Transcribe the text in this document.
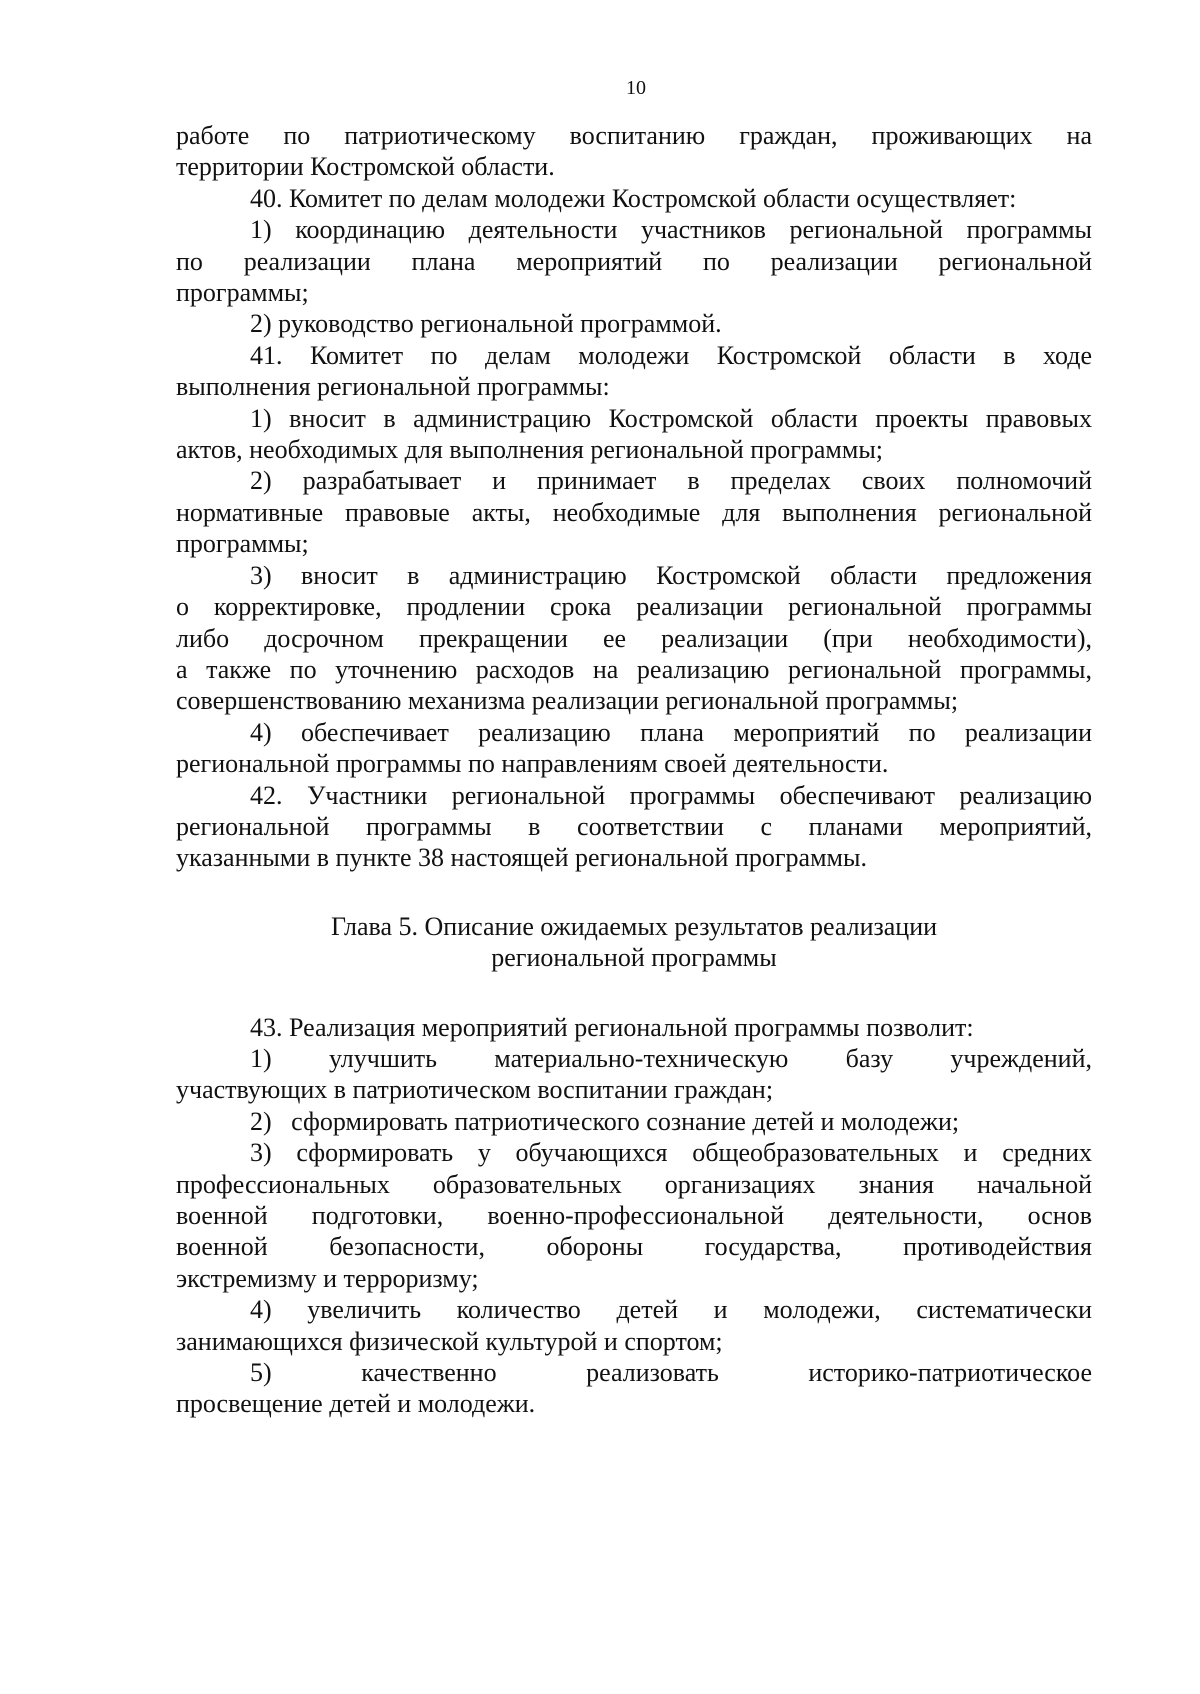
10
работе по патриотическому воспитанию граждан, проживающих на
территории Костромской области.
40. Комитет по делам молодежи Костромской области осуществляет:
1) координацию деятельности участников региональной программы
по реализации плана мероприятий по реализации региональной
программы;
2) руководство региональной программой.
41. Комитет по делам молодежи Костромской области в ходе
выполнения региональной программы:
1) вносит в администрацию Костромской области проекты правовых
актов, необходимых для выполнения региональной программы;
2) разрабатывает и принимает в пределах своих полномочий
нормативные правовые акты, необходимые для выполнения региональной
программы;
3) вносит в администрацию Костромской области предложения
о корректировке, продлении срока реализации региональной программы
либо досрочном прекращении ее реализации (при необходимости),
а также по уточнению расходов на реализацию региональной программы,
совершенствованию механизма реализации региональной программы;
4) обеспечивает реализацию плана мероприятий по реализации
региональной программы по направлениям своей деятельности.
42. Участники региональной программы обеспечивают реализацию
региональной программы в соответствии с планами мероприятий,
указанными в пункте 38 настоящей региональной программы.
Глава 5. Описание ожидаемых результатов реализации
региональной программы
43. Реализация мероприятий региональной программы позволит:
1) улучшить материально-техническую базу учреждений,
участвующих в патриотическом воспитании граждан;
2)   сформировать патриотического сознание детей и молодежи;
3) сформировать у обучающихся общеобразовательных и средних
профессиональных образовательных организациях знания начальной
военной подготовки, военно-профессиональной деятельности, основ
военной безопасности, обороны государства, противодействия
экстремизму и терроризму;
4) увеличить количество детей и молодежи, систематически
занимающихся физической культурой и спортом;
5) качественно реализовать историко-патриотическое
просвещение детей и молодежи.
